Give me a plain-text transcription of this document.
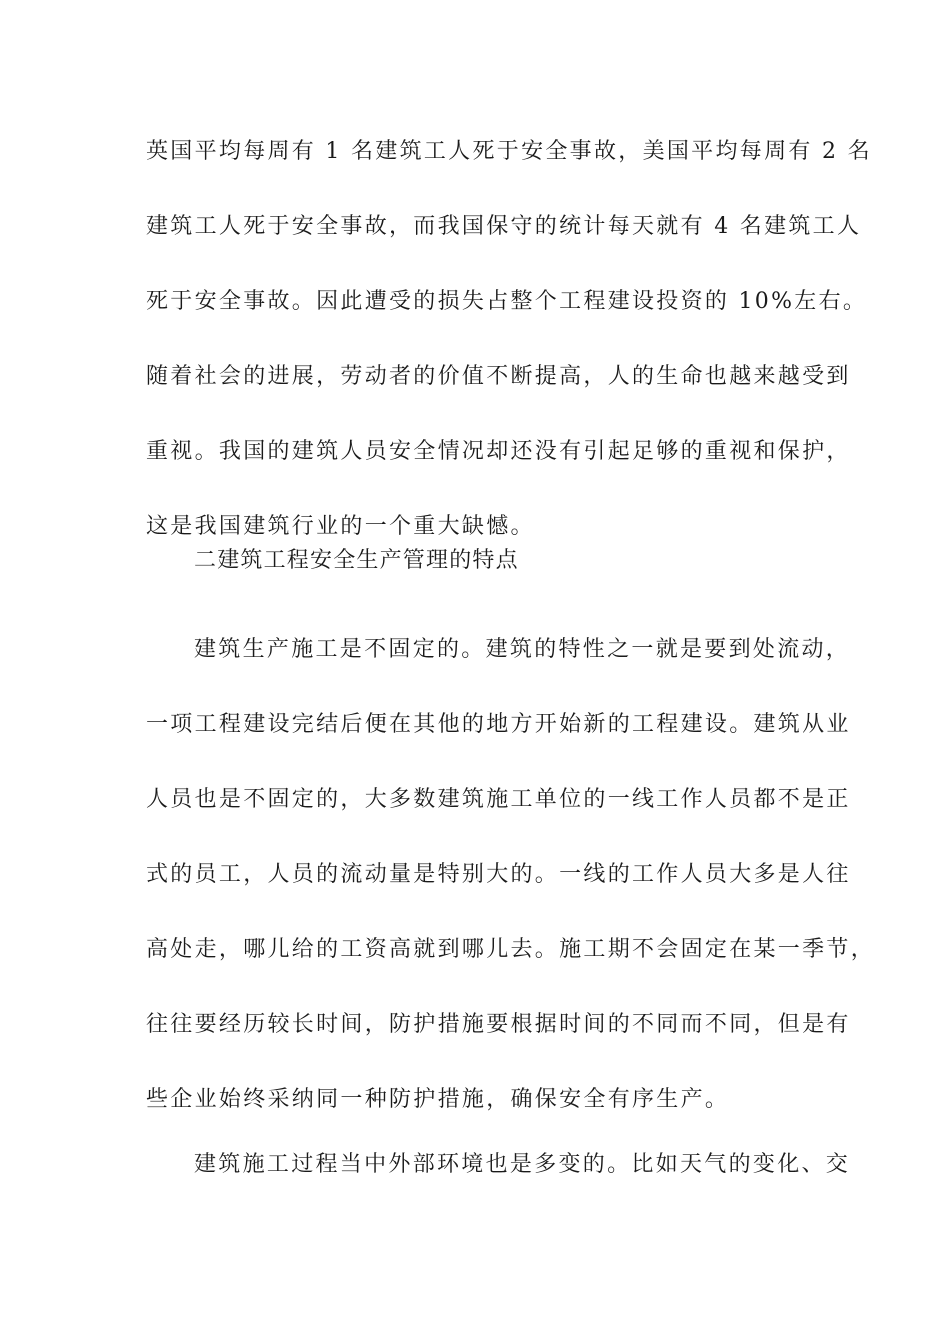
英国平均每周有 1 名建筑工人死于安全事故，美国平均每周有 2 名
建筑工人死于安全事故，而我国保守的统计每天就有 4 名建筑工人
死于安全事故。因此遭受的损失占整个工程建设投资的 10%左右。
随着社会的进展，劳动者的价值不断提高，人的生命也越来越受到
重视。我国的建筑人员安全情况却还没有引起足够的重视和保护，
这是我国建筑行业的一个重大缺憾。
二建筑工程安全生产管理的特点
建筑生产施工是不固定的。建筑的特性之一就是要到处流动，
一项工程建设完结后便在其他的地方开始新的工程建设。建筑从业
人员也是不固定的，大多数建筑施工单位的一线工作人员都不是正
式的员工，人员的流动量是特别大的。一线的工作人员大多是人往
高处走，哪儿给的工资高就到哪儿去。施工期不会固定在某一季节，
往往要经历较长时间，防护措施要根据时间的不同而不同，但是有
些企业始终采纳同一种防护措施，确保安全有序生产。
建筑施工过程当中外部环境也是多变的。比如天气的变化、交
